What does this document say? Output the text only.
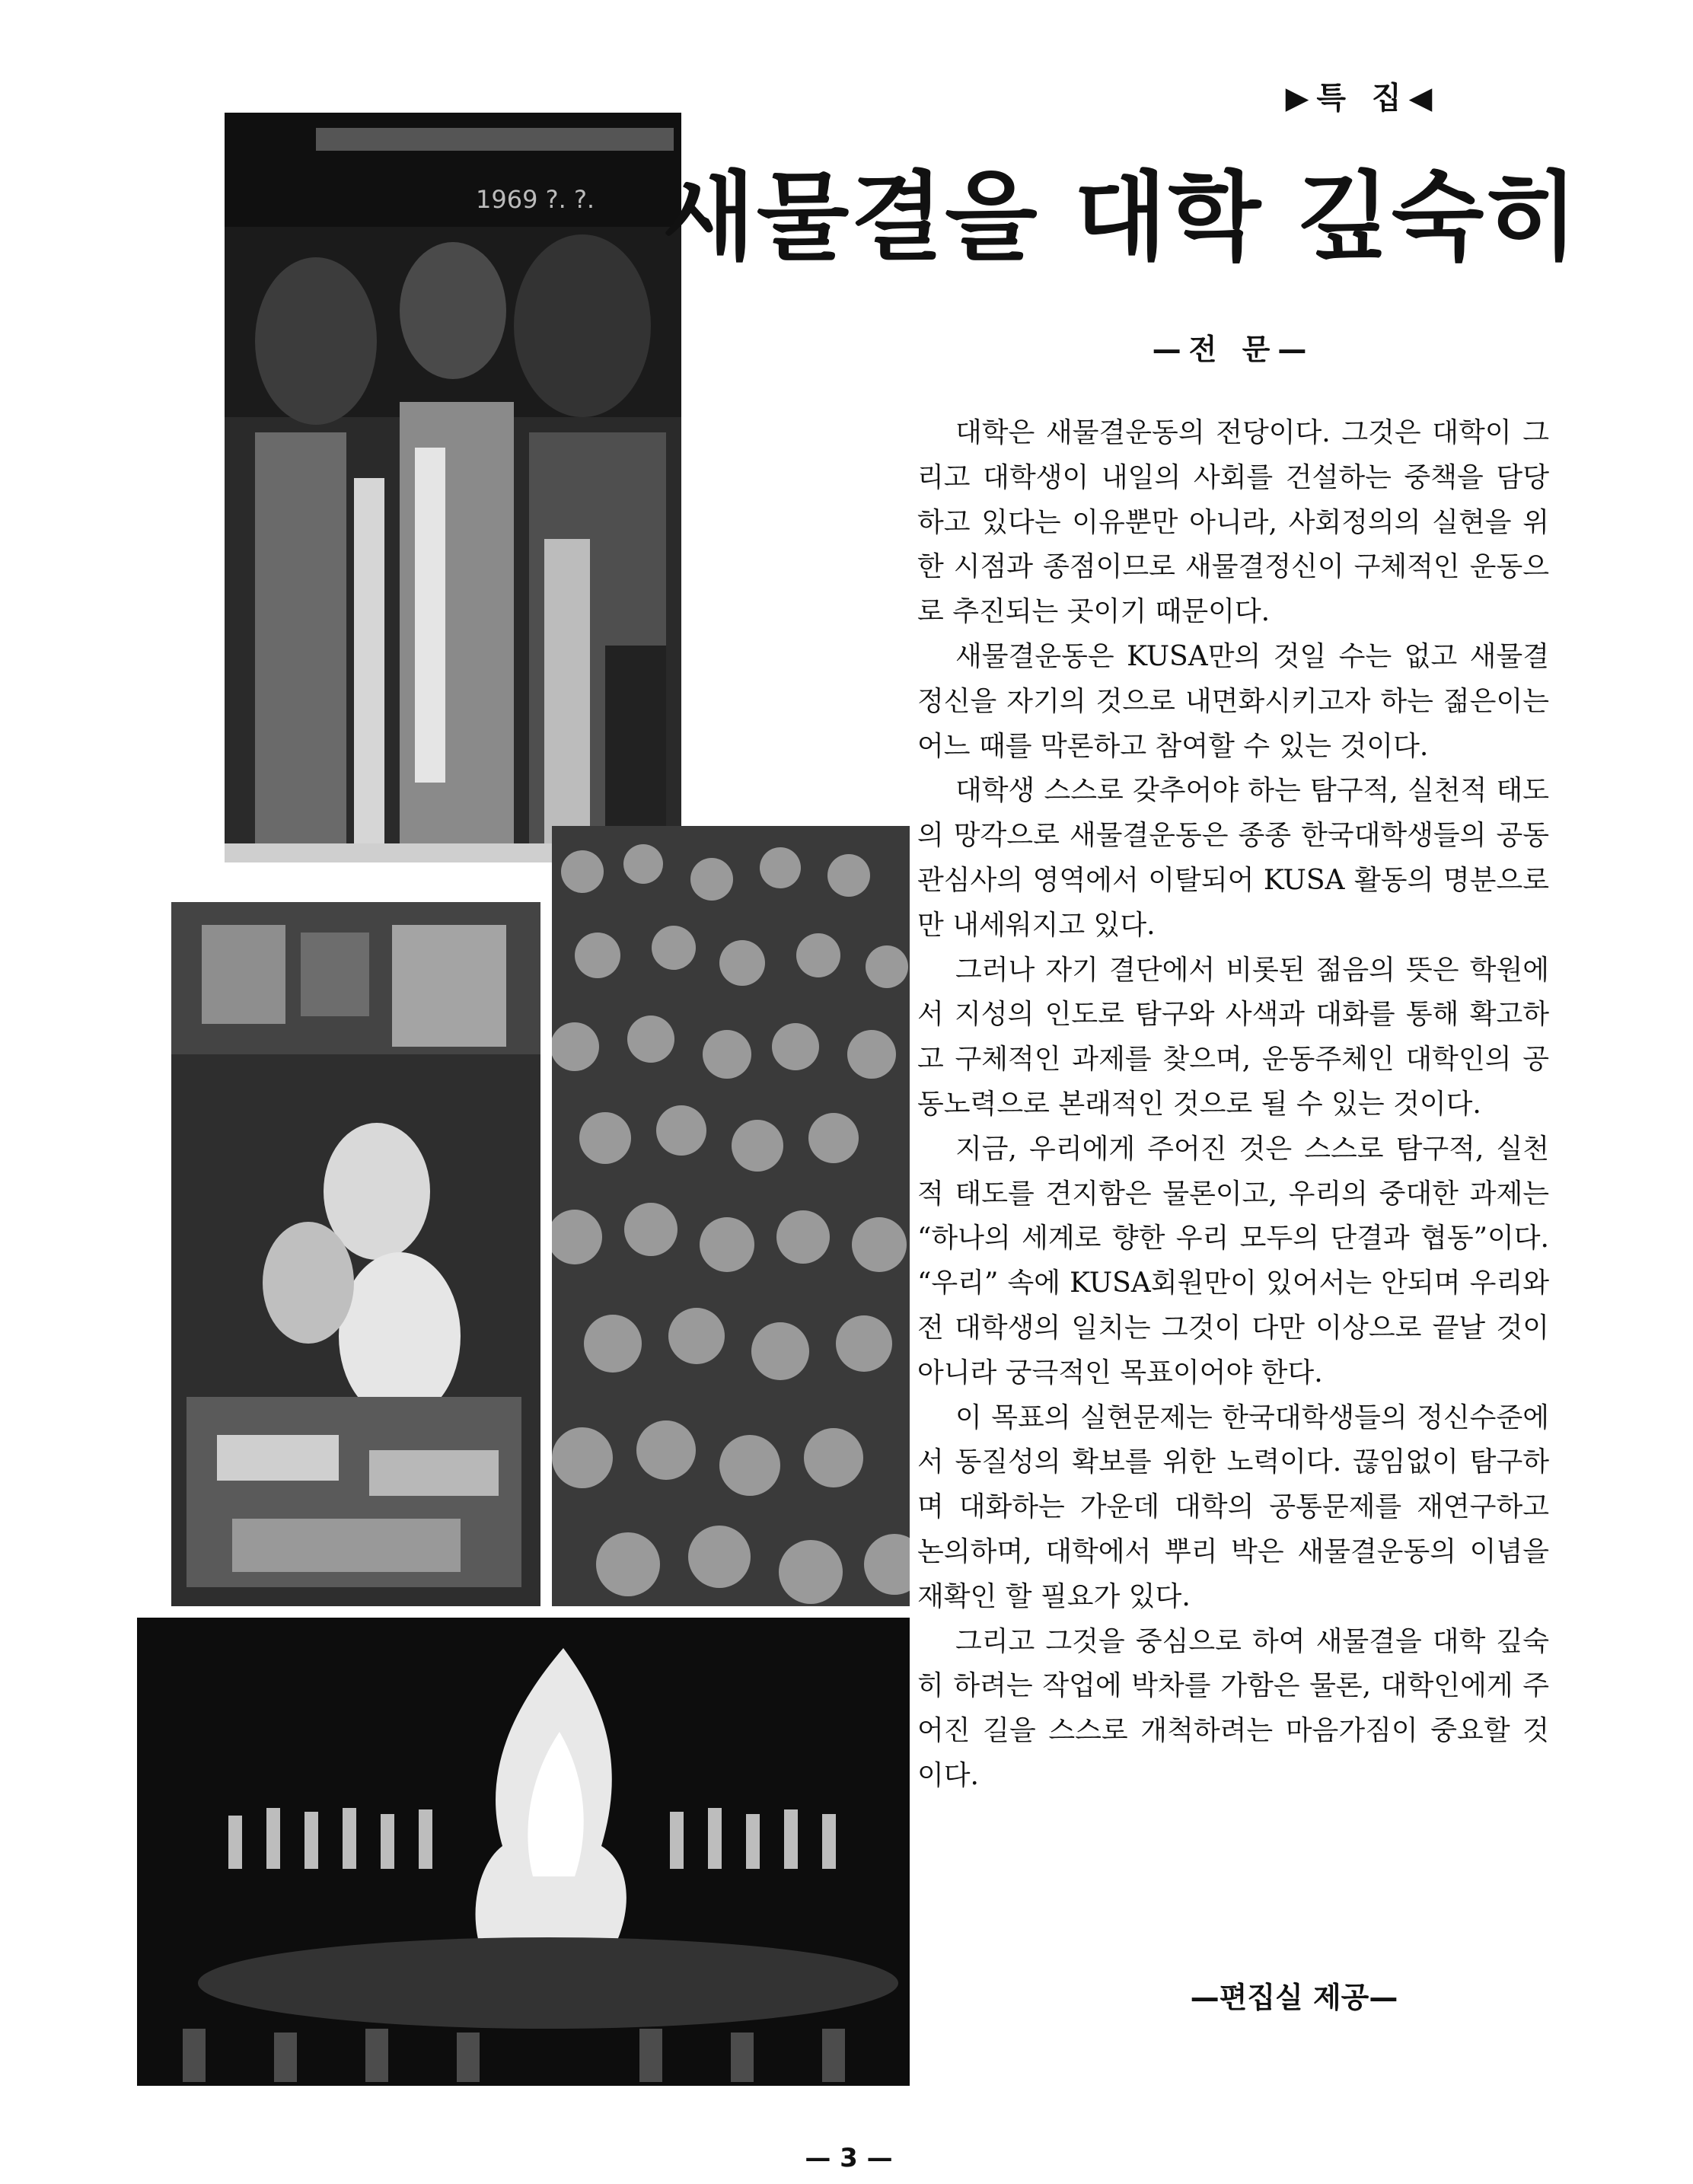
▶특 집◀
1969 ?. ?. 새물결을 대학 깊숙히
—전 문—

대학은 새물결운동의 전당이다. 그것은 대학이 그리고 대학생이 내일의 사회를 건설하는 중책을 담당하고 있다는 이유뿐만 아니라, 사회정의의 실현을 위한 시점과 종점이므로 새물결정신이 구체적인 운동으로 추진되는 곳이기 때문이다.

새물결운동은 KUSA만의 것일 수는 없고 새물결 정신을 자기의 것으로 내면화시키고자 하는 젊은이는 어느 때를 막론하고 참여할 수 있는 것이다.

대학생 스스로 갖추어야 하는 탐구적, 실천적 태도의 망각으로 새물결운동은 종종 한국대학생들의 공동 관심사의 영역에서 이탈되어 KUSA 활동의 명분으로만 내세워지고 있다.

그러나 자기 결단에서 비롯된 젊음의 뜻은 학원에서 지성의 인도로 탐구와 사색과 대화를 통해 확고하고 구체적인 과제를 찾으며, 운동주체인 대학인의 공동노력으로 본래적인 것으로 될 수 있는 것이다.

지금, 우리에게 주어진 것은 스스로 탐구적, 실천적 태도를 견지함은 물론이고, 우리의 중대한 과제는 “하나의 세계로 향한 우리 모두의 단결과 협동”이다. “우리” 속에 KUSA회원만이 있어서는 안되며 우리와 전 대학생의 일치는 그것이 다만 이상으로 끝날 것이 아니라 궁극적인 목표이어야 한다.

이 목표의 실현문제는 한국대학생들의 정신수준에서 동질성의 확보를 위한 노력이다. 끊임없이 탐구하며 대화하는 가운데 대학의 공통문제를 재연구하고 논의하며, 대학에서 뿌리 박은 새물결운동의 이념을 재확인 할 필요가 있다.

그리고 그것을 중심으로 하여 새물결을 대학 깊숙히 하려는 작업에 박차를 가함은 물론, 대학인에게 주어진 길을 스스로 개척하려는 마음가짐이 중요할 것이다.

—편집실 제공—
— 3 —
